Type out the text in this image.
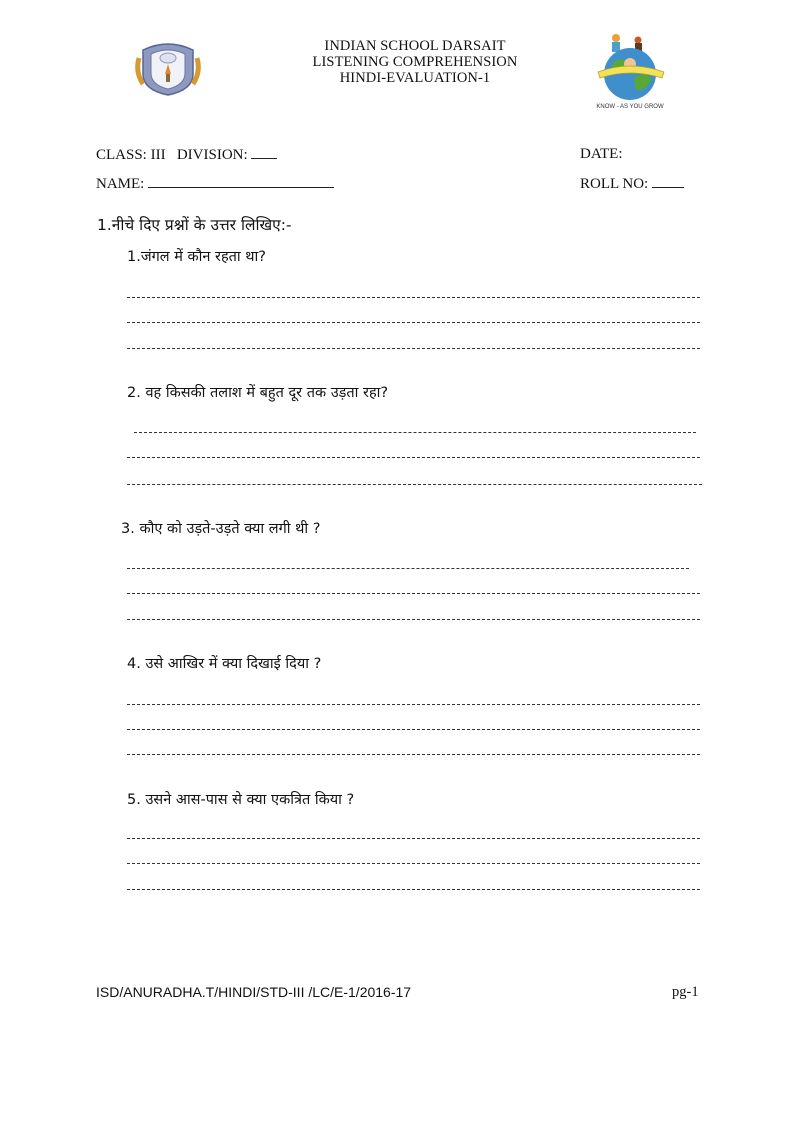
INDIAN SCHOOL DARSAIT
LISTENING COMPREHENSION
HINDI-EVALUATION-1
KNOW - AS YOU GROW
CLASS: III DIVISION:	DATE:
NAME:	ROLL NO:
1.नीचे दिए प्रश्नों के उत्तर लिखिए:-
1.जंगल में कौन रहता था?
2. वह किसकी तलाश में बहुत दूर तक उड़ता रहा?
3. कौए को उड़ते-उड़ते क्या लगी थी ?
4. उसे आखिर में क्या दिखाई दिया ?
5. उसने आस-पास से क्या एकत्रित किया ?
ISD/ANURADHA.T/HINDI/STD-III /LC/E-1/2016-17	pg-1
